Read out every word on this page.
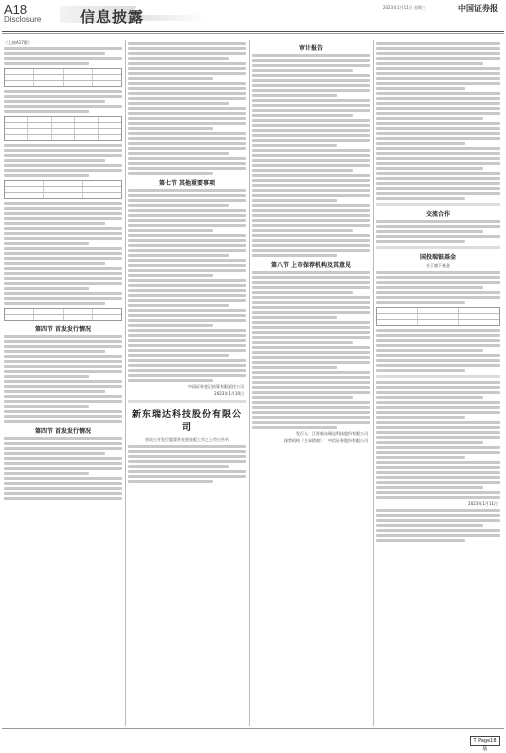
A18
Disclosure	信息披露
2023年1月11日 星期三	中国证券报

（上接A17版）

第四节 首发发行情况
第四节 首发发行情况
第七节 其他重要事项
中国证券登记结算有限责任公司
2023年1月10日
新东瑞达科技股份有限公司
首次公开发行股票并在创业板上市之上市公告书
审计报告
第八节 上市保荐机构及其意见
发行人：江苏新东瑞达科技股份有限公司
保荐机构（主承销商）：中信证券股份有限公司
交流合作
国投瑞银基金
关于旗下基金
2023年1月11日
T Page18版
